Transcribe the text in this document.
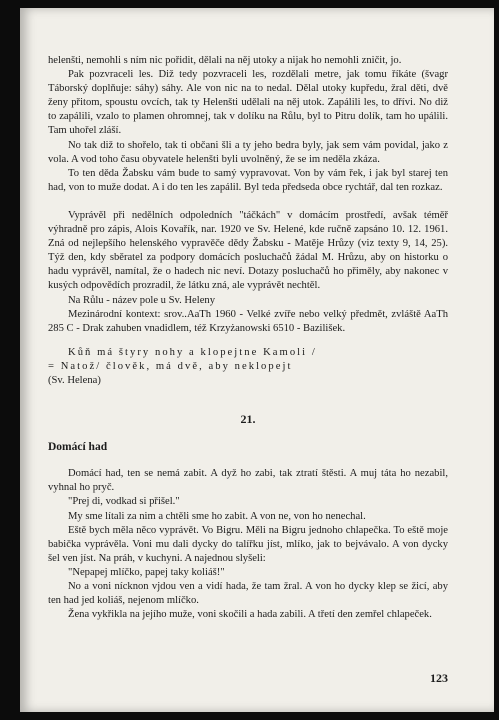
helenšti, nemohli s ním nic pořidit, dělali na něj utoky a nijak ho nemohli zničit, jo.

Pak pozvraceli les. Diž tedy pozvraceli les, rozdělali metre, jak tomu říkáte (švagr Táborský doplňuje: sáhy) sáhy. Ale von nic na to nedal. Dělal utoky kupředu, žral děti, dvě ženy přitom, spoustu ovcích, tak ty Helenšti udělali na něj utok. Zapálili les, to dřívi. No diž to zapálili, vzalo to plamen ohromnej, tak v dolíku na Růlu, byl to Pitru dolík, tam ho upálili. Tam uhořel zláší.

No tak diž to shořelo, tak ti občani šli a ty jeho bedra byly, jak sem vám povidal, jako z vola. A vod toho času obyvatele helenšti byli uvolněný, že se im neděla zkáza.

To ten děda Žabsku vám bude to samý vypravovat. Von by vám řek, i jak byl starej ten had, von to muže dodat. A i do ten les zapálil. Byl teda předseda obce rychtář, dal ten rozkaz.

Vyprávěl při nedělních odpoledních "táčkách" v domácím prostředí, avšak téměř výhradně pro zápis, Alois Kovařík, nar. 1920 ve Sv. Helené, kde ručně zapsáno 10. 12. 1961. Zná od nejlepšího helenského vypravěče dědy Žabsku - Matěje Hrůzy (viz texty 9, 14, 25). Týž den, kdy sběratel za podpory domácích posluchačů žádal M. Hrůzu, aby on historku o hadu vyprávěl, namítal, že o hadech nic neví. Dotazy posluchačů ho přiměly, aby nakonec v kusých odpovědích prozradil, že látku zná, ale vyprávět nechtěl.

Na Růlu - název pole u Sv. Heleny

Mezinárodní kontext: srov..AaTh 1960 - Velké zvíře nebo velký předmět, zvláště AaTh 285 C - Drak zahuben vnadidlem, též Krzyżanowski 6510 - Bazilišek.

Kůň má štyry nohy a klopejtne Kamoli /

= Natož/ člověk, má dvě, aby neklopejt

(Sv. Helena)

21.
Domácí had

Domácí had, ten se nemá zabit. A dyž ho zabi, tak ztratí štěsti. A muj táta ho nezabil, vyhnal ho pryč.

"Prej di, vodkad si přišel."

My sme lítali za nim a chtěli sme ho zabit. A von ne, von ho nenechal.

Eště bych měla něco vyprávět. Vo Bigru. Měli na Bigru jednoho chlapečka. To eště moje babička vyprávěla. Voni mu dali dycky do talířku jíst, mlíko, jak to bejvávalo. A von dycky šel ven jíst. Na práh, v kuchyni. A najednou slyšeli:

"Nepapej mlíčko, papej taky koliáš!"

No a voni nícknon vjdou ven a vidí hada, že tam žral. A von ho dycky klep se žicí, aby ten had jed koliáš, nejenom mlíčko.

Žena vykřikla na jejího muže, voni skočili a hada zabili. A třetí den zemřel chlapeček.

123
